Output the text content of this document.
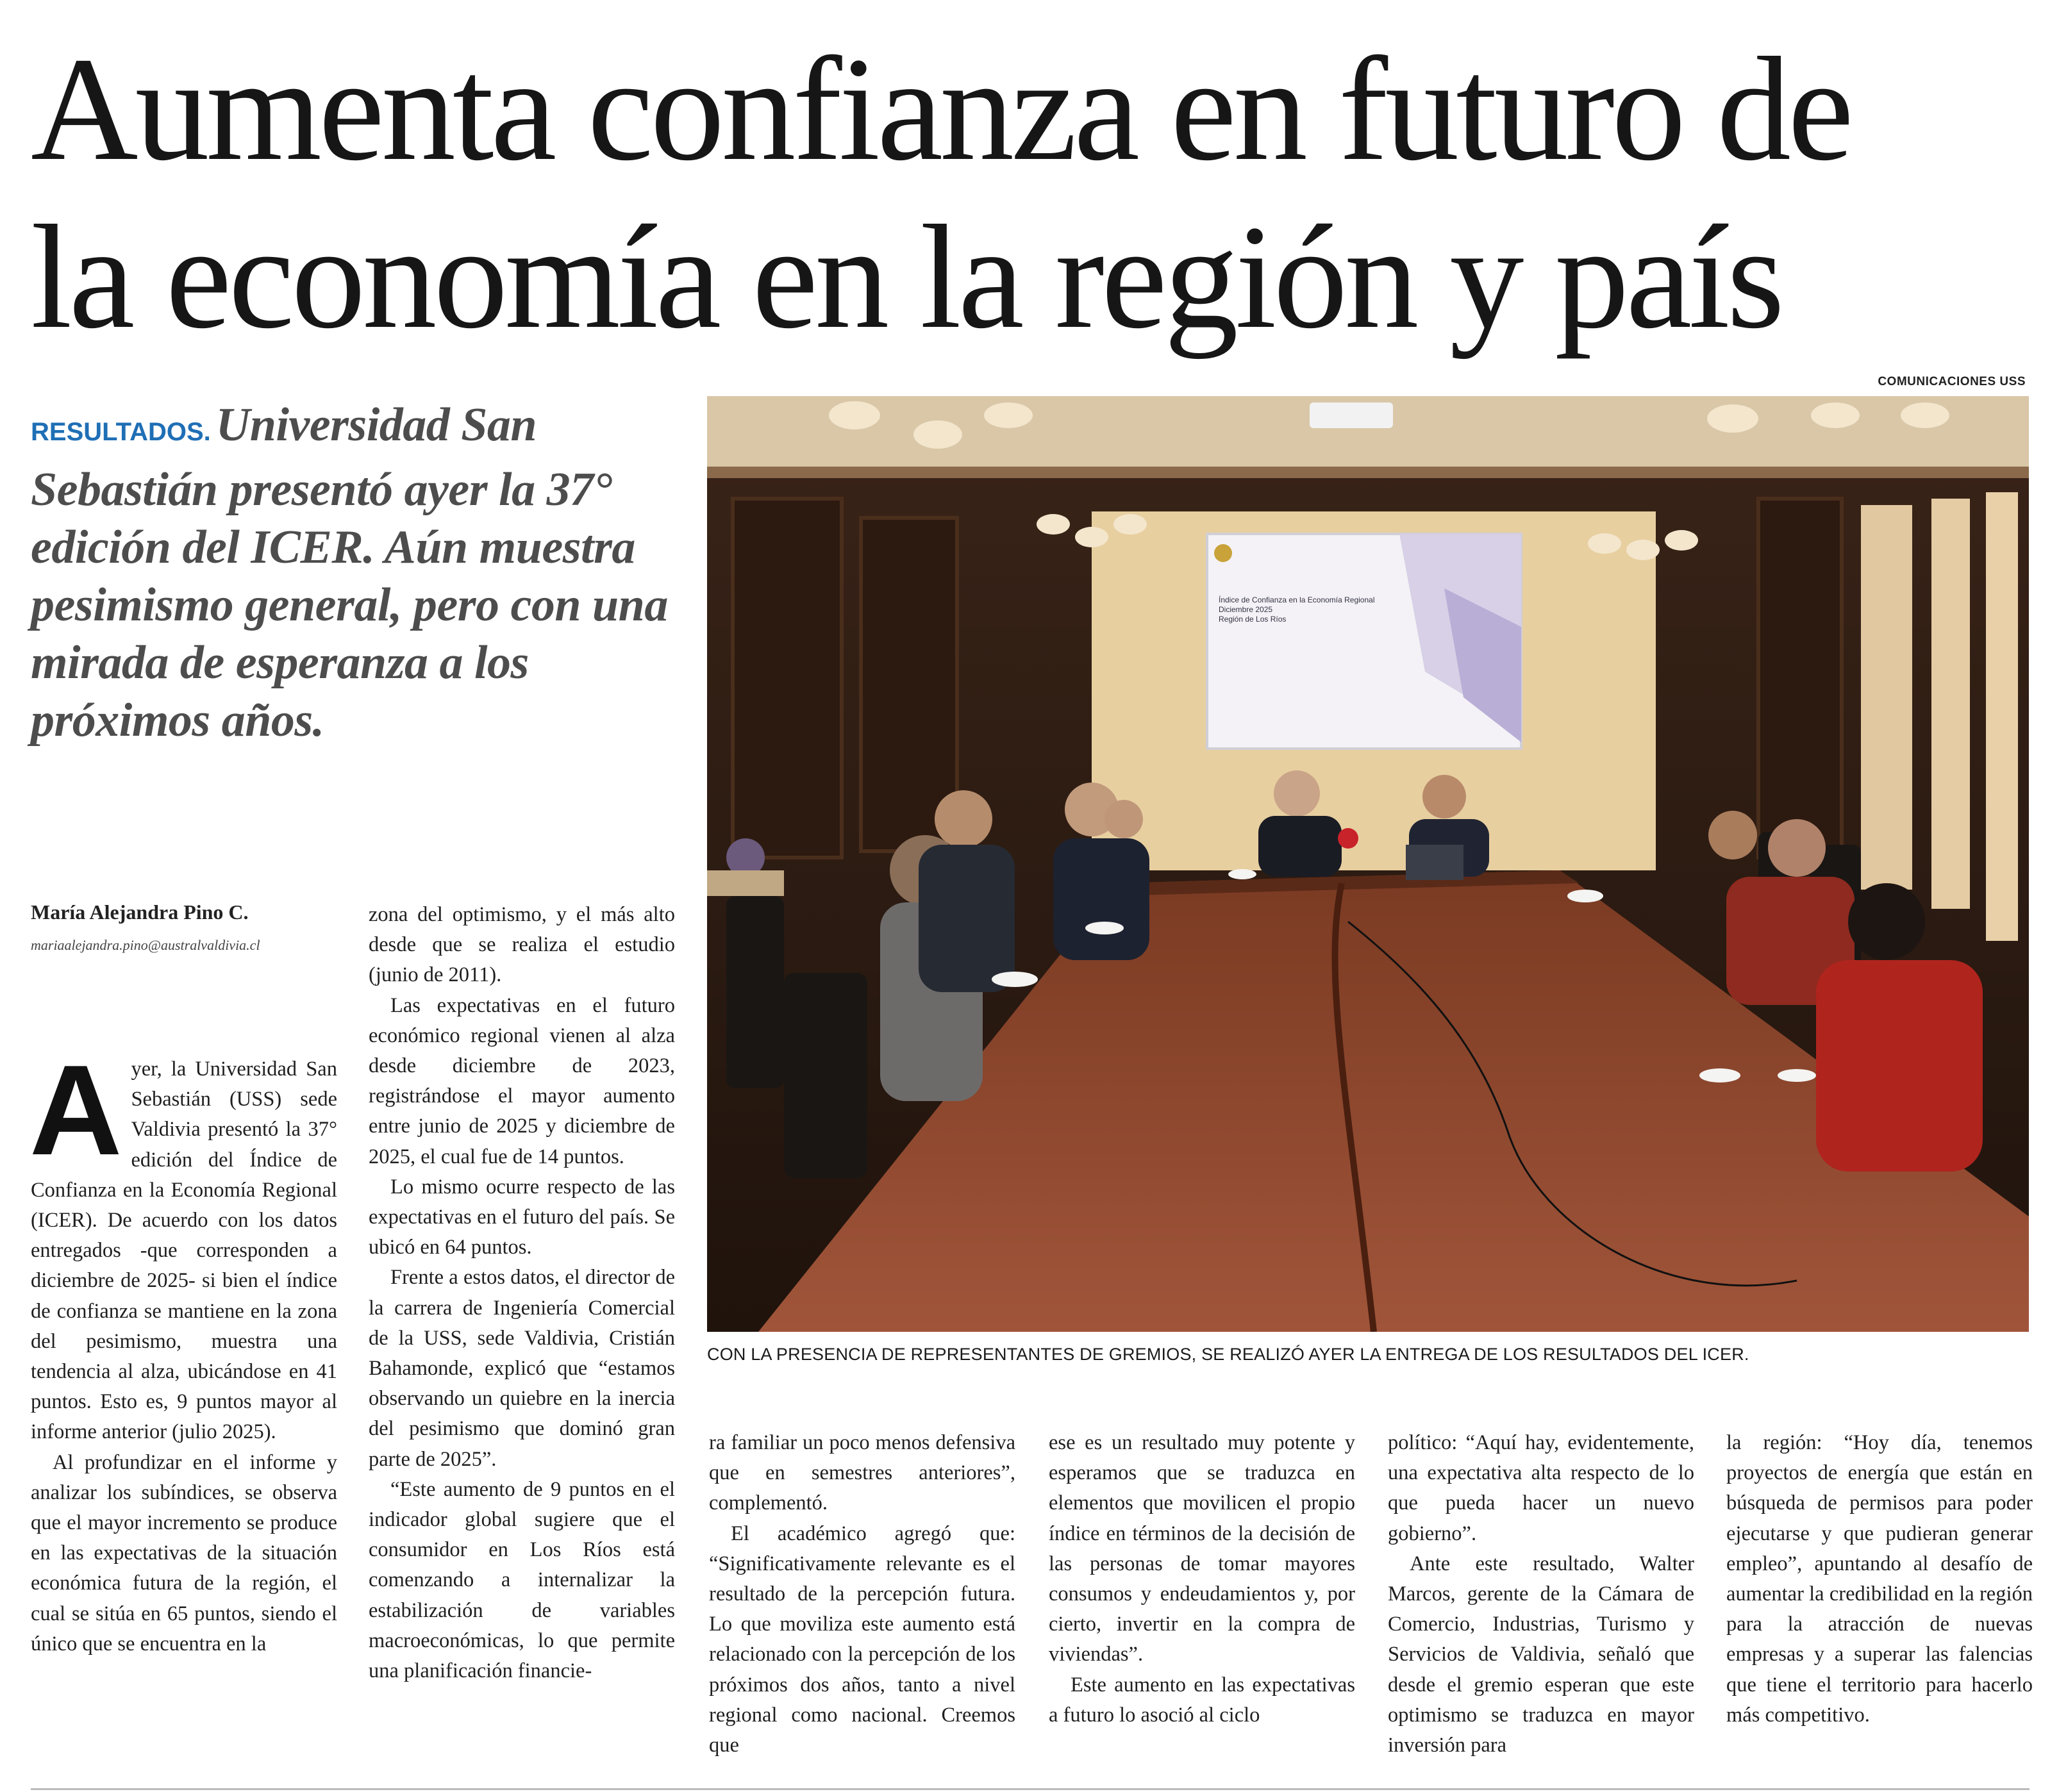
Aumenta confianza en futuro de
la economía en la región y país
COMUNICACIONES USS

RESULTADOS. Universidad San Sebastián presentó ayer la 37° edición del ICER. Aún muestra pesimismo general, pero con una mirada de esperanza a los próximos años.

María Alejandra Pino C.
mariaalejandra.pino@australvaldivia.cl

Ayer, la Universidad San Sebastián (USS) sede Valdivia presentó la 37° edición del Índice de Confianza en la Economía Regional (ICER). De acuerdo con los datos entregados -que corresponden a diciembre de 2025- si bien el índice de confianza se mantiene en la zona del pesimismo, muestra una tendencia al alza, ubicándose en 41 puntos. Esto es, 9 puntos mayor al informe anterior (julio 2025).

Al profundizar en el informe y analizar los subíndices, se observa que el mayor incremento se produce en las expectativas de la situación económica futura de la región, el cual se sitúa en 65 puntos, siendo el único que se encuentra en la

zona del optimismo, y el más alto desde que se realiza el estudio (junio de 2011).

Las expectativas en el futuro económico regional vienen al alza desde diciembre de 2023, registrándose el mayor aumento entre junio de 2025 y diciembre de 2025, el cual fue de 14 puntos.

Lo mismo ocurre respecto de las expectativas en el futuro del país. Se ubicó en 64 puntos.

Frente a estos datos, el director de la carrera de Ingeniería Comercial de la USS, sede Valdivia, Cristián Bahamonde, explicó que “estamos observando un quiebre en la inercia del pesimismo que dominó gran parte de 2025”.

“Este aumento de 9 puntos en el indicador global sugiere que el consumidor en Los Ríos está comenzando a internalizar la estabilización de variables macroeconómicas, lo que permite una planificación financie-

Índice de Confianza en la Economía Regional Diciembre 2025 Región de Los Ríos
CON LA PRESENCIA DE REPRESENTANTES DE GREMIOS, SE REALIZÓ AYER LA ENTREGA DE LOS RESULTADOS DEL ICER.

ra familiar un poco menos defensiva que en semestres anteriores”, complementó.

El académico agregó que: “Significativamente relevante es el resultado de la percepción futura. Lo que moviliza este aumento está relacionado con la percepción de los próximos dos años, tanto a nivel regional como nacional. Creemos que

ese es un resultado muy potente y esperamos que se traduzca en elementos que movilicen el propio índice en términos de la decisión de las personas de tomar mayores consumos y endeudamientos y, por cierto, invertir en la compra de viviendas”.

Este aumento en las expectativas a futuro lo asoció al ciclo

político: “Aquí hay, evidentemente, una expectativa alta respecto de lo que pueda hacer un nuevo gobierno”.

Ante este resultado, Walter Marcos, gerente de la Cámara de Comercio, Industrias, Turismo y Servicios de Valdivia, señaló que desde el gremio esperan que este optimismo se traduzca en mayor inversión para

la región: “Hoy día, tenemos proyectos de energía que están en búsqueda de permisos para poder ejecutarse y que pudieran generar empleo”, apuntando al desafío de aumentar la credibilidad en la región para la atracción de nuevas empresas y a superar las falencias que tiene el territorio para hacerlo más competitivo.
